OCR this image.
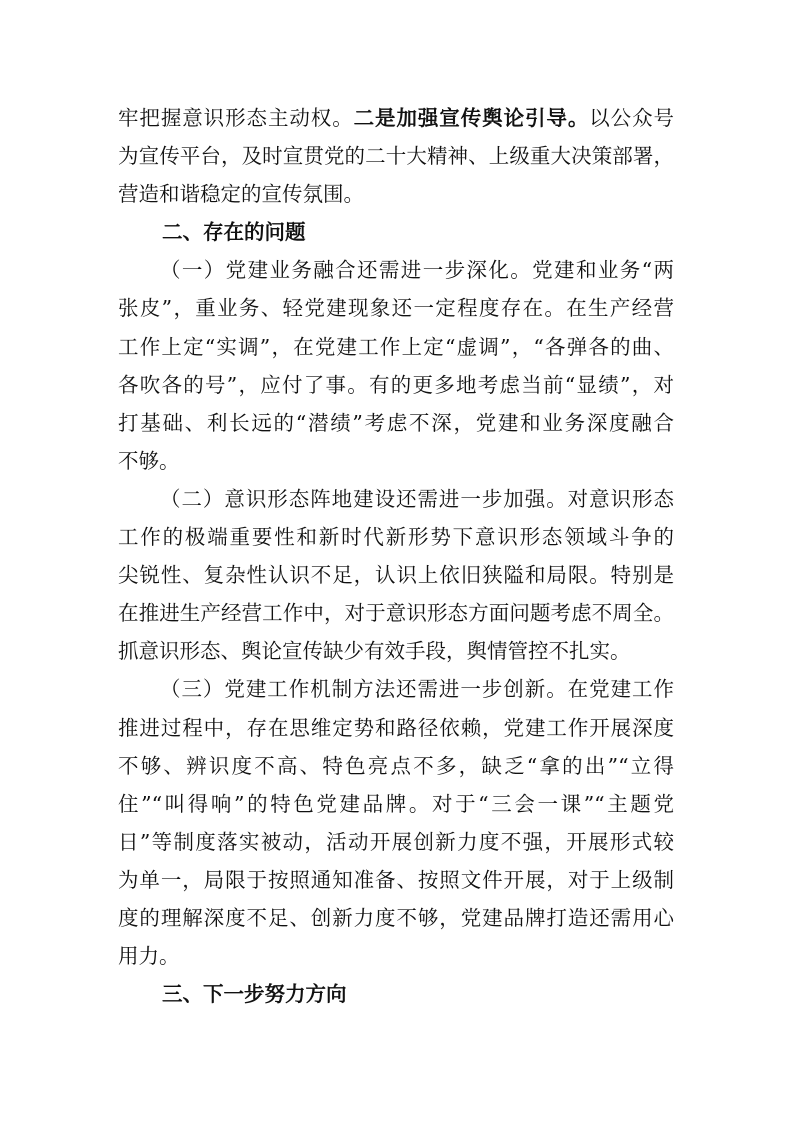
牢把握意识形态主动权。二是加强宣传舆论引导。以公众号
为宣传平台，及时宣贯党的二十大精神、上级重大决策部署，
营造和谐稳定的宣传氛围。
二、存在的问题
（一）党建业务融合还需进一步深化。党建和业务“两
张皮”，重业务、轻党建现象还一定程度存在。在生产经营
工作上定“实调”，在党建工作上定“虚调”，“各弹各的曲、
各吹各的号”，应付了事。有的更多地考虑当前“显绩”，对
打基础、利长远的“潜绩”考虑不深，党建和业务深度融合
不够。
（二）意识形态阵地建设还需进一步加强。对意识形态
工作的极端重要性和新时代新形势下意识形态领域斗争的
尖锐性、复杂性认识不足，认识上依旧狭隘和局限。特别是
在推进生产经营工作中，对于意识形态方面问题考虑不周全。
抓意识形态、舆论宣传缺少有效手段，舆情管控不扎实。
（三）党建工作机制方法还需进一步创新。在党建工作
推进过程中，存在思维定势和路径依赖，党建工作开展深度
不够、辨识度不高、特色亮点不多，缺乏“拿的出”“立得
住”“叫得响”的特色党建品牌。对于“三会一课”“主题党
日”等制度落实被动，活动开展创新力度不强，开展形式较
为单一，局限于按照通知准备、按照文件开展，对于上级制
度的理解深度不足、创新力度不够，党建品牌打造还需用心
用力。
三、下一步努力方向
